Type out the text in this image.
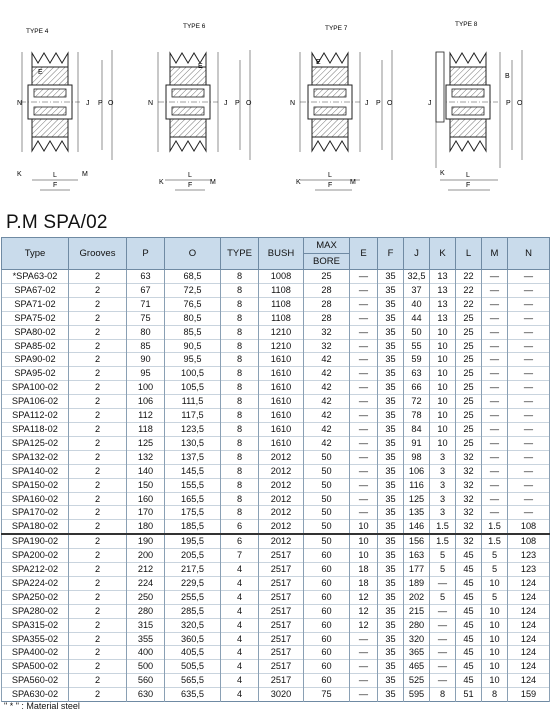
TYPE 4
N	J P O
E
K	L
F
M
TYPE 6
N	J P O
E
K
L
F	M
TYPE 7
N	J P O
E
K
L
F	M
TYPE 8
J	P O
B
K	L
F
P.M SPA/02
Type	Grooves	P	O	TYPE	BUSH	MAX	E	F	J	K	L	M	N
						BORE							
*SPA63-02	2	63	68,5	8	1008	25	—	35	32,5	13	22	—	—
SPA67-02	2	67	72,5	8	1108	28	—	35	37	13	22	—	—
SPA71-02	2	71	76,5	8	1108	28	—	35	40	13	22	—	—
SPA75-02	2	75	80,5	8	1108	28	—	35	44	13	25	—	—
SPA80-02	2	80	85,5	8	1210	32	—	35	50	10	25	—	—
SPA85-02	2	85	90,5	8	1210	32	—	35	55	10	25	—	—
SPA90-02	2	90	95,5	8	1610	42	—	35	59	10	25	—	—
SPA95-02	2	95	100,5	8	1610	42	—	35	63	10	25	—	—
SPA100-02	2	100	105,5	8	1610	42	—	35	66	10	25	—	—
SPA106-02	2	106	111,5	8	1610	42	—	35	72	10	25	—	—
SPA112-02	2	112	117,5	8	1610	42	—	35	78	10	25	—	—
SPA118-02	2	118	123,5	8	1610	42	—	35	84	10	25	—	—
SPA125-02	2	125	130,5	8	1610	42	—	35	91	10	25	—	—
SPA132-02	2	132	137,5	8	2012	50	—	35	98	3	32	—	—
SPA140-02	2	140	145,5	8	2012	50	—	35	106	3	32	—	—
SPA150-02	2	150	155,5	8	2012	50	—	35	116	3	32	—	—
SPA160-02	2	160	165,5	8	2012	50	—	35	125	3	32	—	—
SPA170-02	2	170	175,5	8	2012	50	—	35	135	3	32	—	—
SPA180-02	2	180	185,5	6	2012	50	10	35	146	1.5	32	1.5	108
SPA190-02	2	190	195,5	6	2012	50	10	35	156	1.5	32	1.5	108
SPA200-02	2	200	205,5	7	2517	60	10	35	163	5	45	5	123
SPA212-02	2	212	217,5	4	2517	60	18	35	177	5	45	5	123
SPA224-02	2	224	229,5	4	2517	60	18	35	189	—	45	10	124
SPA250-02	2	250	255,5	4	2517	60	12	35	202	5	45	5	124
SPA280-02	2	280	285,5	4	2517	60	12	35	215	—	45	10	124
SPA315-02	2	315	320,5	4	2517	60	12	35	280	—	45	10	124
SPA355-02	2	355	360,5	4	2517	60	—	35	320	—	45	10	124
SPA400-02	2	400	405,5	4	2517	60	—	35	365	—	45	10	124
SPA500-02	2	500	505,5	4	2517	60	—	35	465	—	45	10	124
SPA560-02	2	560	565,5	4	2517	60	—	35	525	—	45	10	124
SPA630-02	2	630	635,5	4	3020	75	—	35	595	8	51	8	159
" * " : Material steel
